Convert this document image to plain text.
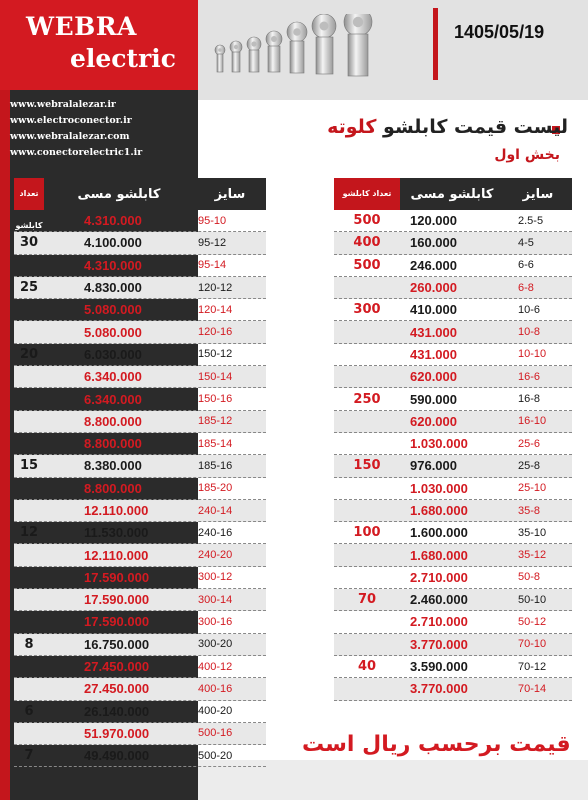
WEBRA
electric
1405/05/19
www.webralalezar.ir
www.electroconector.ir
www.webralalezar.com
www.conectorelectric1.ir
لیست قیمت کابلشو کلوته
بخش اول
تعداد کابلشو
کابلشو مسی	سایز
4.310.000	95-10
30	4.100.000	95-12
4.310.000	95-14
25	4.830.000	120-12
5.080.000	120-14
5.080.000	120-16
20	6.030.000	150-12
6.340.000	150-14
6.340.000	150-16
8.800.000	185-12
8.800.000	185-14
15	8.380.000	185-16
8.800.000	185-20
12.110.000	240-14
12	11.530.000	240-16
12.110.000	240-20
17.590.000	300-12
17.590.000	300-14
17.590.000	300-16
8	16.750.000	300-20
27.450.000	400-12
27.450.000	400-16
6	26.140.000	400-20
51.970.000	500-16
7	49.490.000	500-20
تعداد کابلشو	کابلشو مسی	سایز
500	120.000	2.5-5
400	160.000	4-5
500	246.000	6-6
260.000	6-8
300	410.000	10-6
431.000	10-8
431.000	10-10
620.000	16-6
250	590.000	16-8
620.000	16-10
1.030.000	25-6
150	976.000	25-8
1.030.000	25-10
1.680.000	35-8
100	1.600.000	35-10
1.680.000	35-12
2.710.000	50-8
70	2.460.000	50-10
2.710.000	50-12
3.770.000	70-10
40	3.590.000	70-12
3.770.000	70-14
قیمت برحسب ریال است
